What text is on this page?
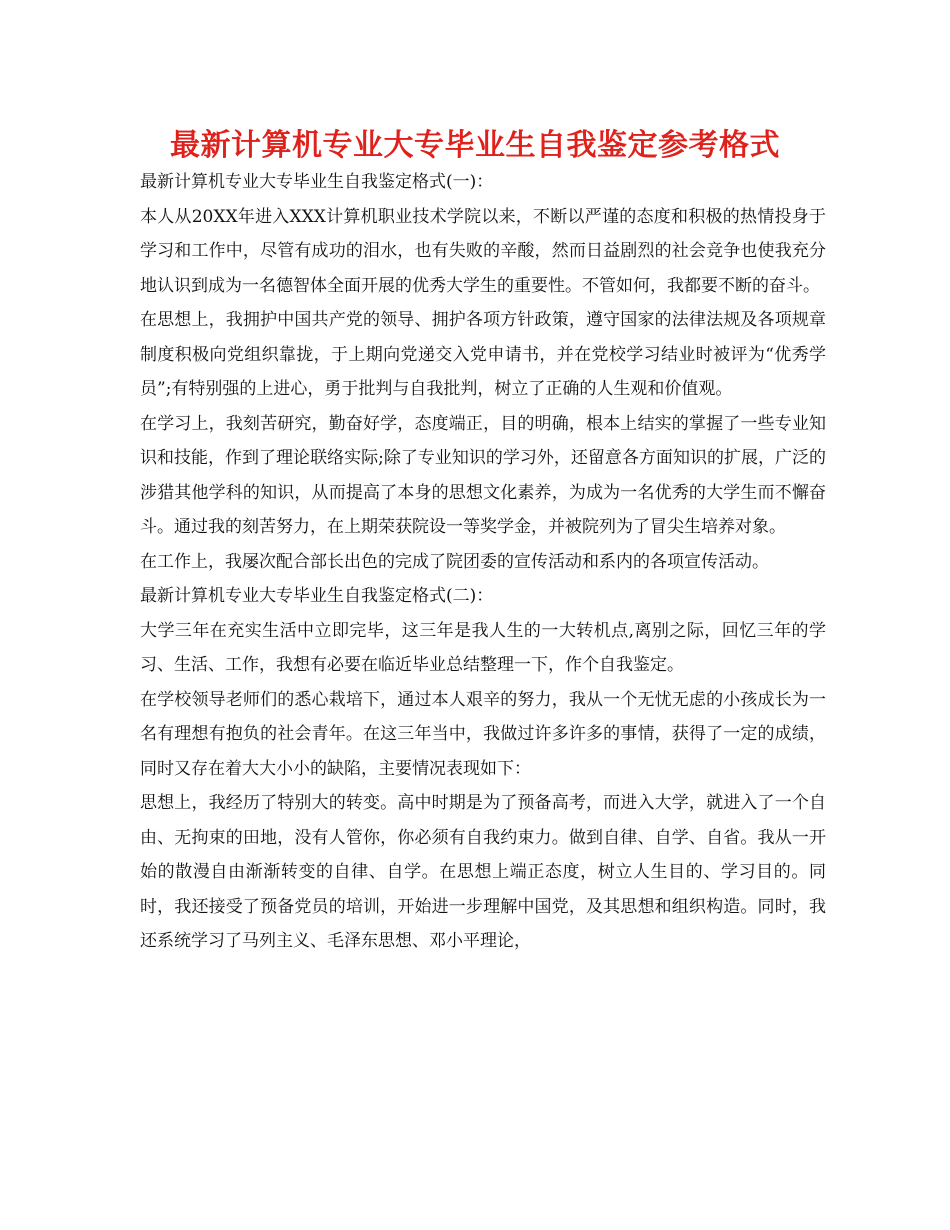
最新计算机专业大专毕业生自我鉴定参考格式

最新计算机专业大专毕业生自我鉴定格式(一)：

本人从20XX年进入XXX计算机职业技术学院以来，不断以严谨的态度和积极的热情投身于学习和工作中，尽管有成功的泪水，也有失败的辛酸，然而日益剧烈的社会竞争也使我充分地认识到成为一名德智体全面开展的优秀大学生的重要性。不管如何，我都要不断的奋斗。

在思想上，我拥护中国共产党的领导、拥护各项方针政策，遵守国家的法律法规及各项规章制度积极向党组织靠拢，于上期向党递交入党申请书，并在党校学习结业时被评为“优秀学员”;有特别强的上进心，勇于批判与自我批判，树立了正确的人生观和价值观。

在学习上，我刻苦研究，勤奋好学，态度端正，目的明确，根本上结实的掌握了一些专业知识和技能，作到了理论联络实际;除了专业知识的学习外，还留意各方面知识的扩展，广泛的涉猎其他学科的知识，从而提高了本身的思想文化素养，为成为一名优秀的大学生而不懈奋斗。通过我的刻苦努力，在上期荣获院设一等奖学金，并被院列为了冒尖生培养对象。

在工作上，我屡次配合部长出色的完成了院团委的宣传活动和系内的各项宣传活动。

最新计算机专业大专毕业生自我鉴定格式(二)：

大学三年在充实生活中立即完毕，这三年是我人生的一大转机点,离别之际，回忆三年的学习、生活、工作，我想有必要在临近毕业总结整理一下，作个自我鉴定。

在学校领导老师们的悉心栽培下，通过本人艰辛的努力，我从一个无忧无虑的小孩成长为一名有理想有抱负的社会青年。在这三年当中，我做过许多许多的事情，获得了一定的成绩，同时又存在着大大小小的缺陷，主要情况表现如下：

思想上，我经历了特别大的转变。高中时期是为了预备高考，而进入大学，就进入了一个自由、无拘束的田地，没有人管你，你必须有自我约束力。做到自律、自学、自省。我从一开始的散漫自由渐渐转变的自律、自学。在思想上端正态度，树立人生目的、学习目的。同时，我还接受了预备党员的培训，开始进一步理解中国党，及其思想和组织构造。同时，我还系统学习了马列主义、毛泽东思想、邓小平理论，
